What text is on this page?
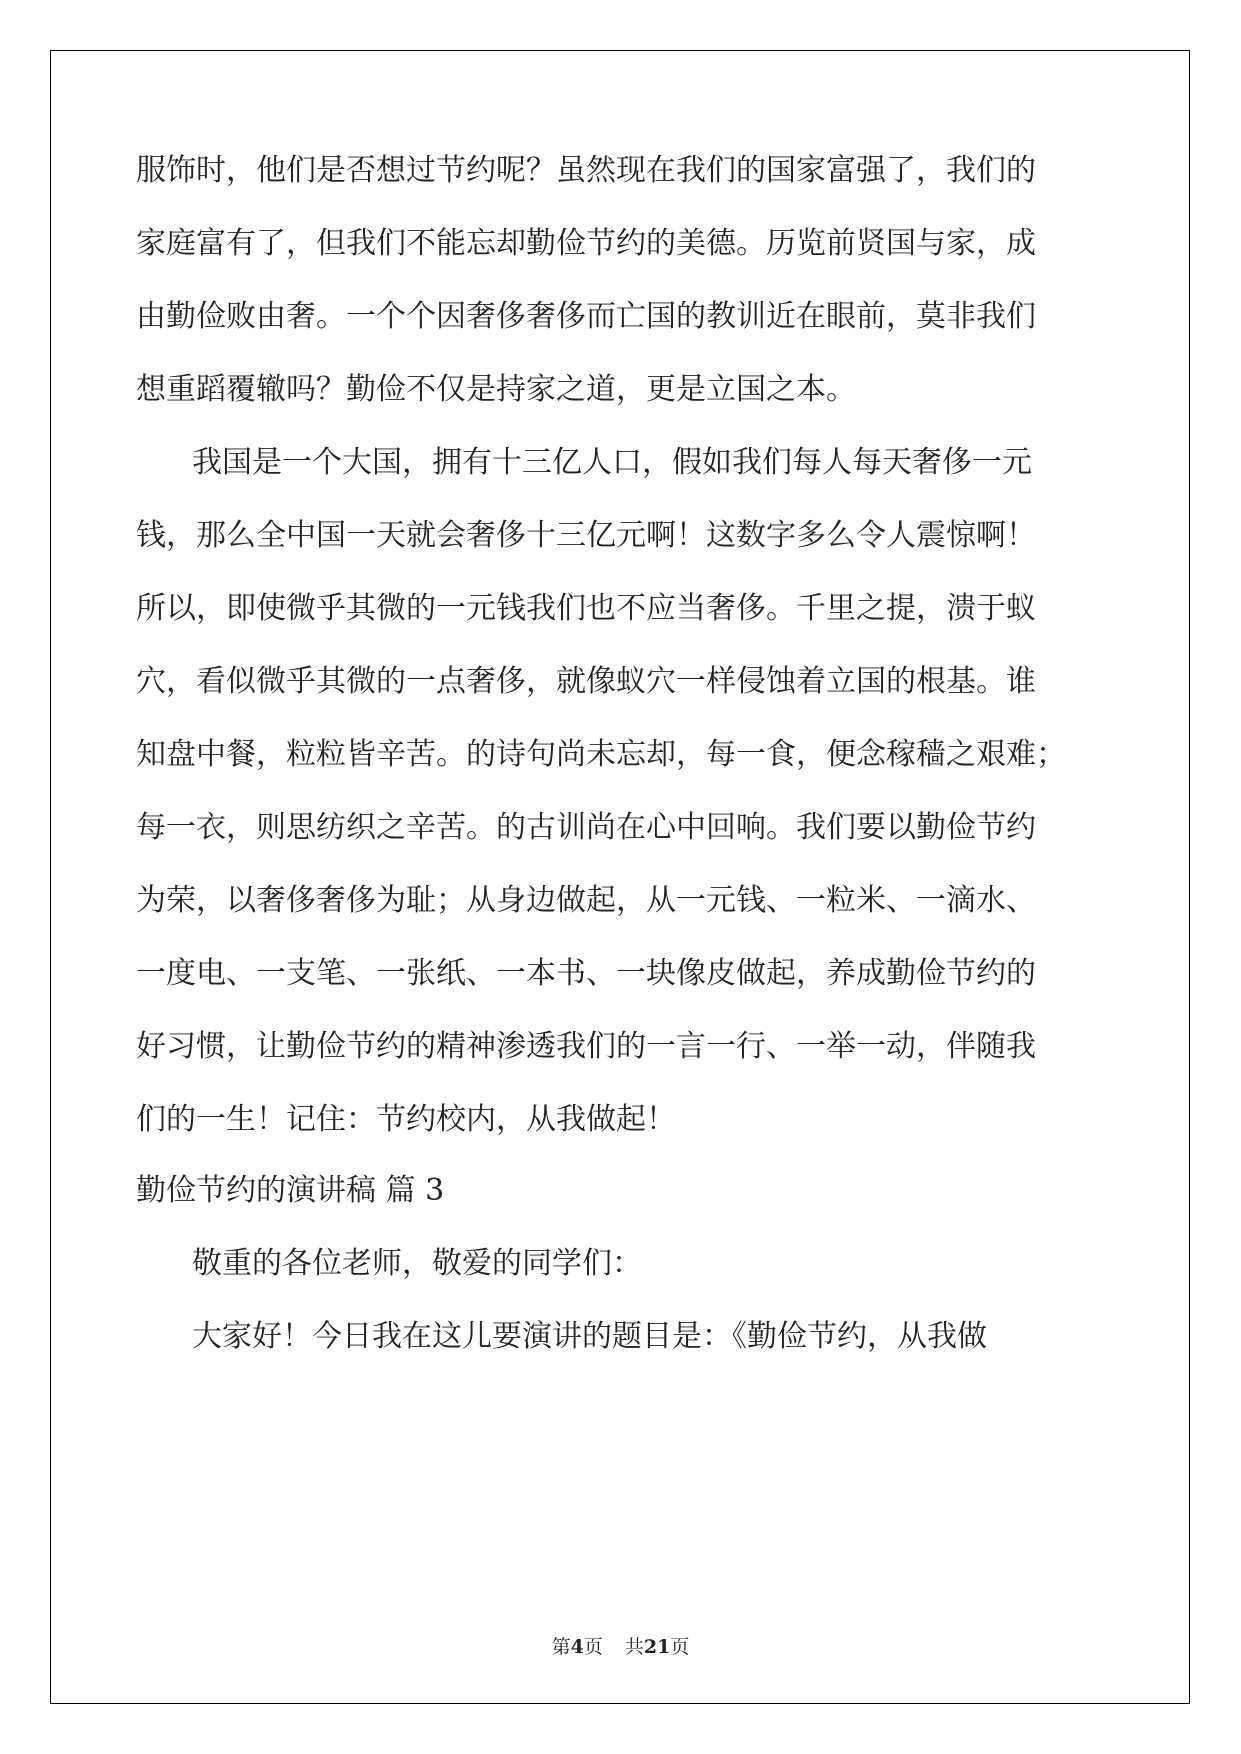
服饰时，他们是否想过节约呢？虽然现在我们的国家富强了，我们的
家庭富有了，但我们不能忘却勤俭节约的美德。历览前贤国与家，成
由勤俭败由奢。一个个因奢侈奢侈而亡国的教训近在眼前，莫非我们
想重蹈覆辙吗？勤俭不仅是持家之道，更是立国之本。
我国是一个大国，拥有十三亿人口，假如我们每人每天奢侈一元
钱，那么全中国一天就会奢侈十三亿元啊！这数字多么令人震惊啊！
所以，即使微乎其微的一元钱我们也不应当奢侈。千里之提，溃于蚁
穴，看似微乎其微的一点奢侈，就像蚁穴一样侵蚀着立国的根基。谁
知盘中餐，粒粒皆辛苦。的诗句尚未忘却，每一食，便念稼穑之艰难；
每一衣，则思纺织之辛苦。的古训尚在心中回响。我们要以勤俭节约
为荣，以奢侈奢侈为耻；从身边做起，从一元钱、一粒米、一滴水、
一度电、一支笔、一张纸、一本书、一块像皮做起，养成勤俭节约的
好习惯，让勤俭节约的精神渗透我们的一言一行、一举一动，伴随我
们的一生！记住：节约校内，从我做起！
勤俭节约的演讲稿 篇 3
敬重的各位老师，敬爱的同学们：
大家好！今日我在这儿要演讲的题目是：《勤俭节约，从我做
第4页 共21页
